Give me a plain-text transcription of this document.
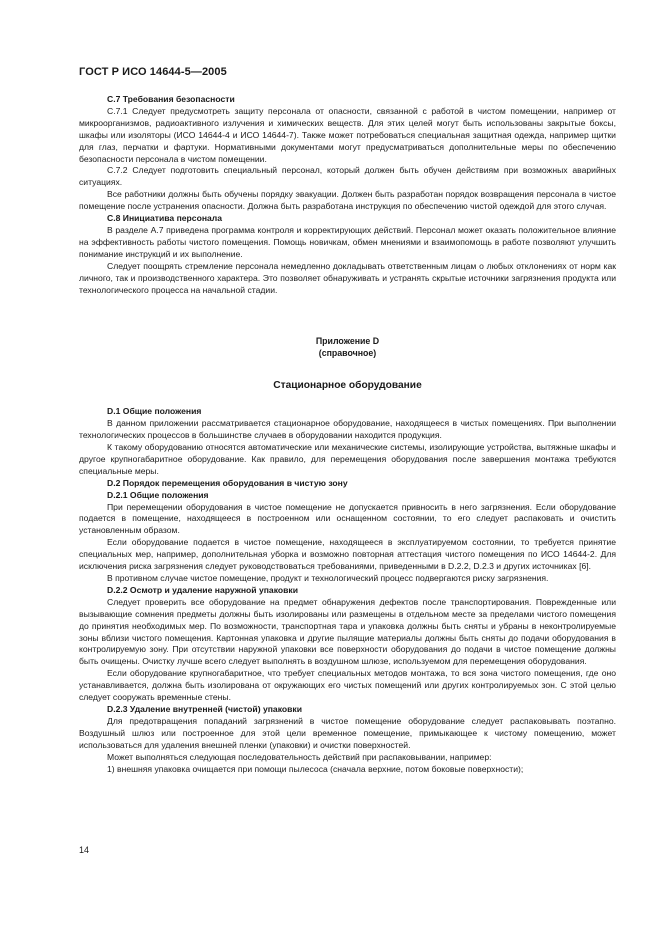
ГОСТ Р ИСО 14644-5—2005
С.7 Требования безопасности

С.7.1 Следует предусмотреть защиту персонала от опасности, связанной с работой в чистом помещении, например от микроорганизмов, радиоактивного излучения и химических веществ. Для этих целей могут быть использованы закрытые боксы, шкафы или изоляторы (ИСО 14644-4 и ИСО 14644-7). Также может потребоваться специальная защитная одежда, например щитки для глаз, перчатки и фартуки. Нормативными документами могут предусматриваться дополнительные меры по обеспечению безопасности персонала в чистом помещении.

С.7.2 Следует подготовить специальный персонал, который должен быть обучен действиям при возможных аварийных ситуациях.

Все работники должны быть обучены порядку эвакуации. Должен быть разработан порядок возвращения персонала в чистое помещение после устранения опасности. Должна быть разработана инструкция по обеспечению чистой одеждой для этого случая.

С.8 Инициатива персонала

В разделе А.7 приведена программа контроля и корректирующих действий. Персонал может оказать положительное влияние на эффективность работы чистого помещения. Помощь новичкам, обмен мнениями и взаимопомощь в работе позволяют улучшить понимание инструкций и их выполнение.

Следует поощрять стремление персонала немедленно докладывать ответственным лицам о любых отклонениях от норм как личного, так и производственного характера. Это позволяет обнаруживать и устранять скрытые источники загрязнения продукта или технологического процесса на начальной стадии.

Приложение D
(справочное)
Стационарное оборудование
D.1 Общие положения

В данном приложении рассматривается стационарное оборудование, находящееся в чистых помещениях. При выполнении технологических процессов в большинстве случаев в оборудовании находится продукция.

К такому оборудованию относятся автоматические или механические системы, изолирующие устройства, вытяжные шкафы и другое крупногабаритное оборудование. Как правило, для перемещения оборудования после завершения монтажа требуются специальные меры.

D.2 Порядок перемещения оборудования в чистую зону
D.2.1 Общие положения

При перемещении оборудования в чистое помещение не допускается привносить в него загрязнения. Если оборудование подается в помещение, находящееся в построенном или оснащенном состоянии, то его следует распаковать и очистить установленным образом.

Если оборудование подается в чистое помещение, находящееся в эксплуатируемом состоянии, то требуется принятие специальных мер, например, дополнительная уборка и возможно повторная аттестация чистого помещения по ИСО 14644-2. Для исключения риска загрязнения следует руководствоваться требованиями, приведенными в D.2.2, D.2.3 и других источниках [6].

В противном случае чистое помещение, продукт и технологический процесс подвергаются риску загрязнения.

D.2.2 Осмотр и удаление наружной упаковки

Следует проверить все оборудование на предмет обнаружения дефектов после транспортирования. Поврежденные или вызывающие сомнения предметы должны быть изолированы или размещены в отдельном месте за пределами чистого помещения до принятия необходимых мер. По возможности, транспортная тара и упаковка должны быть сняты и убраны в неконтролируемые зоны вблизи чистого помещения. Картонная упаковка и другие пылящие материалы должны быть сняты до подачи оборудования в контролируемую зону. При отсутствии наружной упаковки все поверхности оборудования до подачи в чистое помещение должны быть очищены. Очистку лучше всего следует выполнять в воздушном шлюзе, используемом для перемещения оборудования.

Если оборудование крупногабаритное, что требует специальных методов монтажа, то вся зона чистого помещения, где оно устанавливается, должна быть изолирована от окружающих его чистых помещений или других контролируемых зон. С этой целью следует сооружать временные стены.

D.2.3 Удаление внутренней (чистой) упаковки

Для предотвращения попаданий загрязнений в чистое помещение оборудование следует распаковывать поэтапно. Воздушный шлюз или построенное для этой цели временное помещение, примыкающее к чистому помещению, может использоваться для удаления внешней пленки (упаковки) и очистки поверхностей.

Может выполняться следующая последовательность действий при распаковывании, например:

1) внешняя упаковка очищается при помощи пылесоса (сначала верхние, потом боковые поверхности);

14
